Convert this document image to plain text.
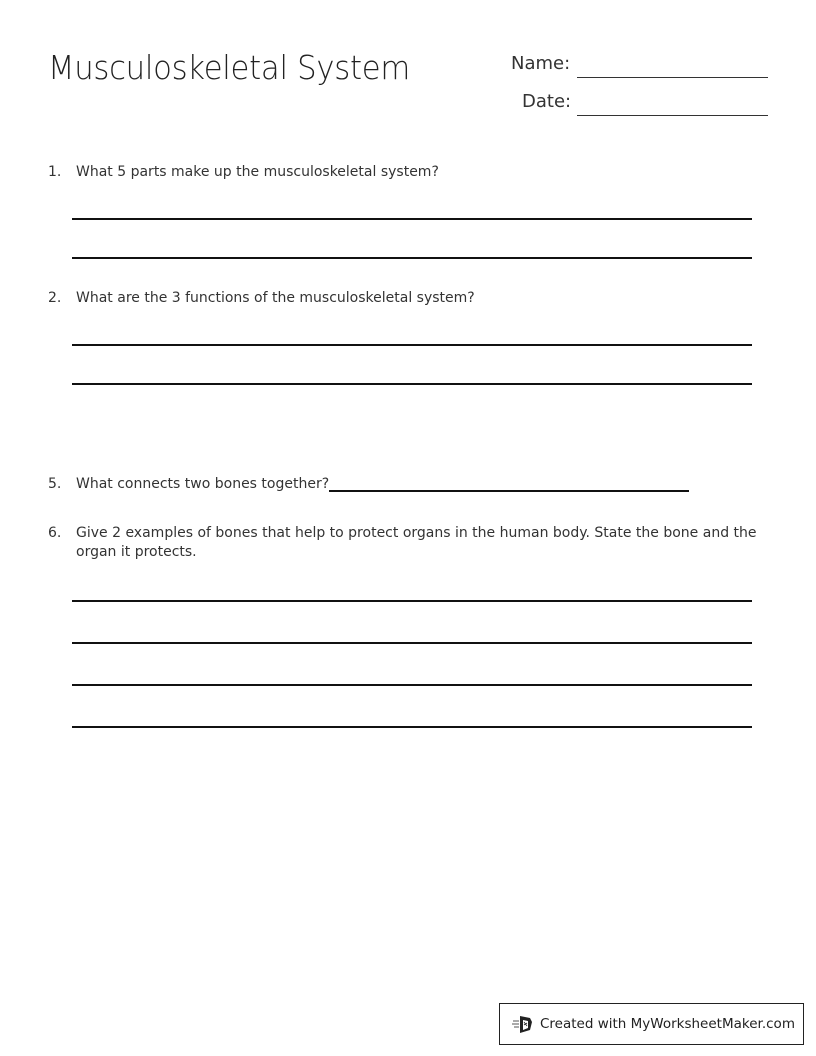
Musculoskeletal System	Name:
Date:
1. What 5 parts make up the musculoskeletal system?
2. What are the 3 functions of the musculoskeletal system?
5. What connects two bones together?
6. Give 2 examples of bones that help to protect organs in the human body. State the bone and the
organ it protects.
Created with MyWorksheetMaker.com
